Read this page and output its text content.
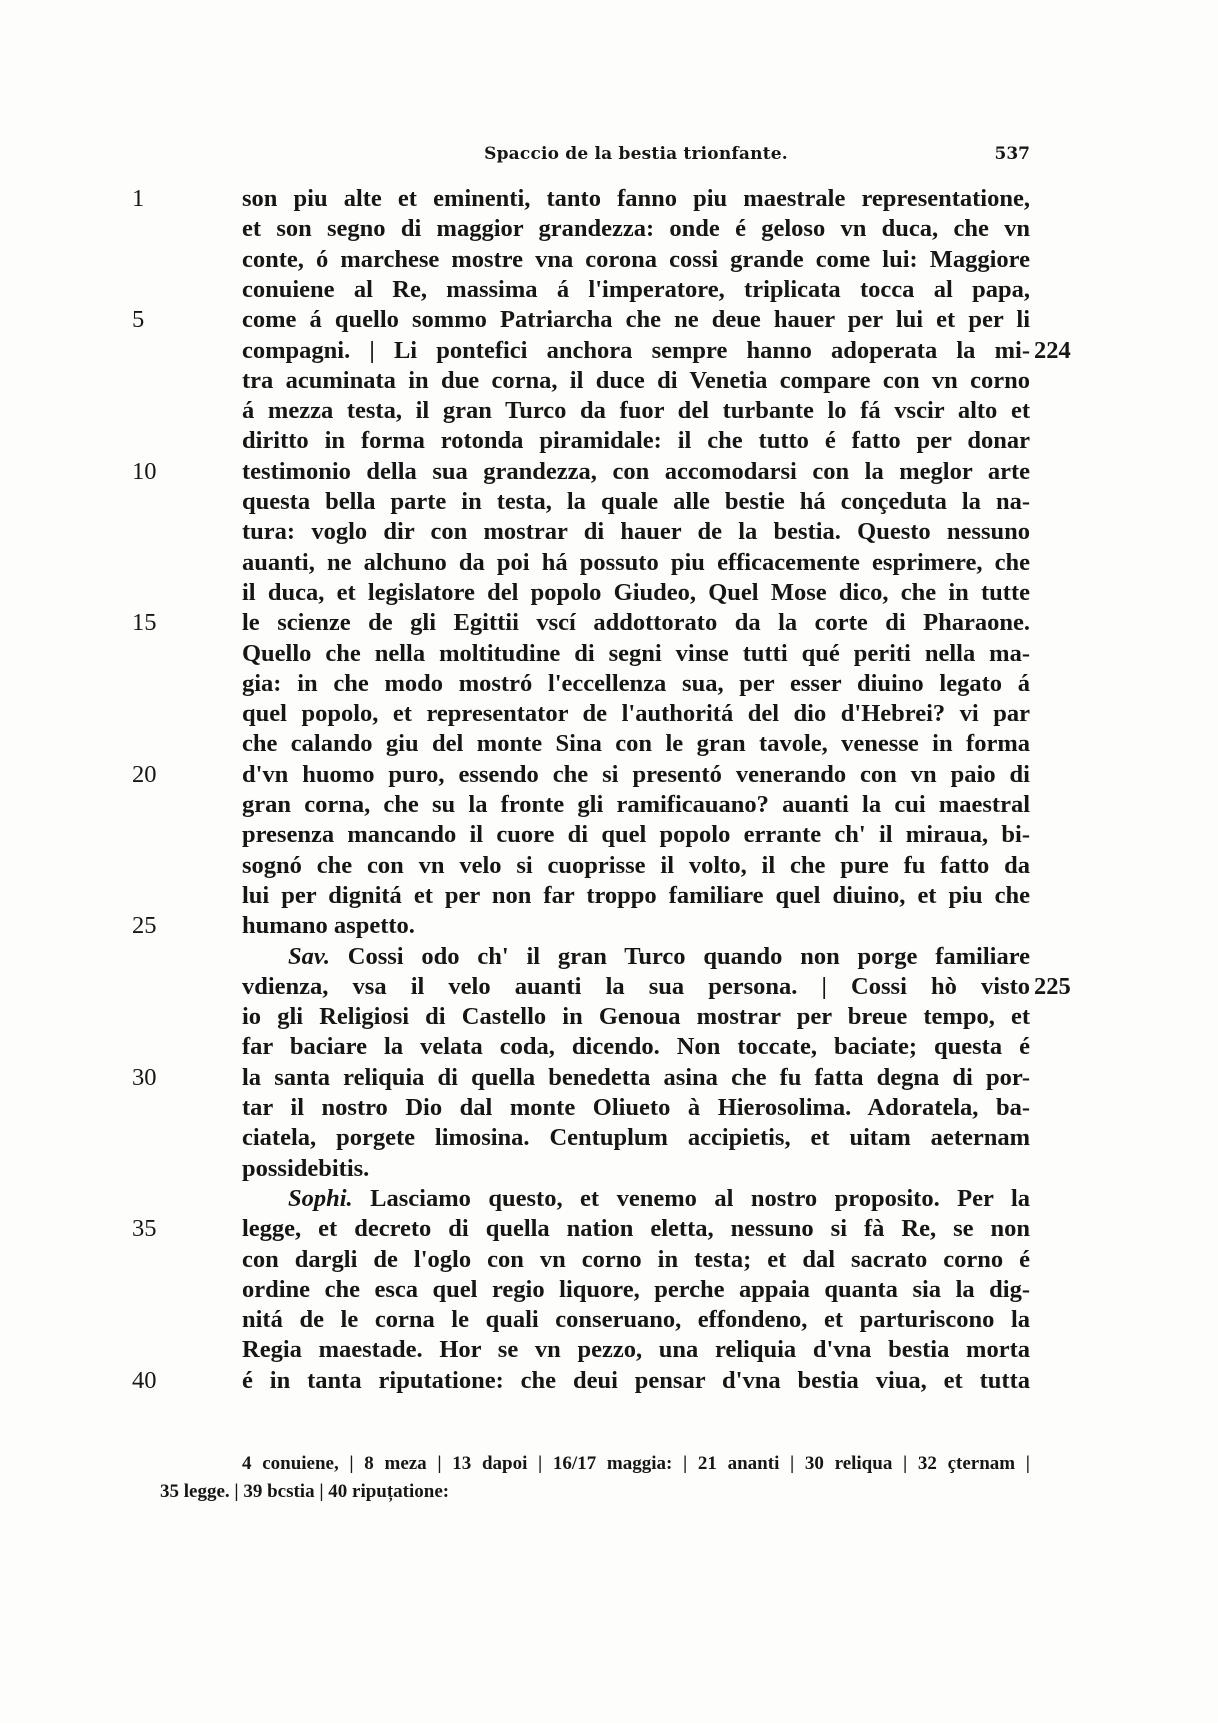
Spaccio de la bestia trionfante.	537
1	son piu alte et eminenti, tanto fanno piu maestrale representatione,
et son segno di maggior grandezza: onde é geloso vn duca, che vn
conte, ó marchese mostre vna corona cossi grande come lui: Maggiore
conuiene al Re, massima á l'imperatore, triplicata tocca al papa,
5	come á quello sommo Patriarcha che ne deue hauer per lui et per li
compagni. | Li pontefici anchora sempre hanno adoperata la mi- 224
tra acuminata in due corna, il duce di Venetia compare con vn corno
á mezza testa, il gran Turco da fuor del turbante lo fá vscir alto et
diritto in forma rotonda piramidale: il che tutto é fatto per donar
10	testimonio della sua grandezza, con accomodarsi con la meglor arte
questa bella parte in testa, la quale alle bestie há conçeduta la na-
tura: voglo dir con mostrar di hauer de la bestia. Questo nessuno
auanti, ne alchuno da poi há possuto piu efficacemente esprimere, che
il duca, et legislatore del popolo Giudeo, Quel Mose dico, che in tutte
15	le scienze de gli Egittii vscí addottorato da la corte di Pharaone.
Quello che nella moltitudine di segni vinse tutti qué periti nella ma-
gia: in che modo mostró l'eccellenza sua, per esser diuino legato á
quel popolo, et representator de l'authoritá del dio d'Hebrei? vi par
che calando giu del monte Sina con le gran tavole, venesse in forma
20	d'vn huomo puro, essendo che si presentó venerando con vn paio di
gran corna, che su la fronte gli ramificauano? auanti la cui maestral
presenza mancando il cuore di quel popolo errante ch' il miraua, bi-
sognó che con vn velo si cuoprisse il volto, il che pure fu fatto da
lui per dignitá et per non far troppo familiare quel diuino, et piu che
25	humano aspetto.
Sav. Cossi odo ch' il gran Turco quando non porge familiare
vdienza, vsa il velo auanti la sua persona. | Cossi hò visto 225
io gli Religiosi di Castello in Genoua mostrar per breue tempo, et
far baciare la velata coda, dicendo. Non toccate, baciate; questa é
30	la santa reliquia di quella benedetta asina che fu fatta degna di por-
tar il nostro Dio dal monte Oliueto à Hierosolima. Adoratela, ba-
ciatela, porgete limosina. Centuplum accipietis, et uitam aeternam
possidebitis.
Sophi. Lasciamo questo, et venemo al nostro proposito. Per la
35	legge, et decreto di quella nation eletta, nessuno si fà Re, se non
con dargli de l'oglo con vn corno in testa; et dal sacrato corno é
ordine che esca quel regio liquore, perche appaia quanta sia la dig-
nitá de le corna le quali conseruano, effondeno, et parturiscono la
Regia maestade. Hor se vn pezzo, una reliquia d'vna bestia morta
40	é in tanta riputatione: che deui pensar d'vna bestia viua, et tutta
4 conuiene, | 8 meza | 13 dapoi | 16/17 maggia: | 21 ananti | 30 reliqua | 32 çternam |
35 legge. | 39 bcstia | 40 ripuțatione:
